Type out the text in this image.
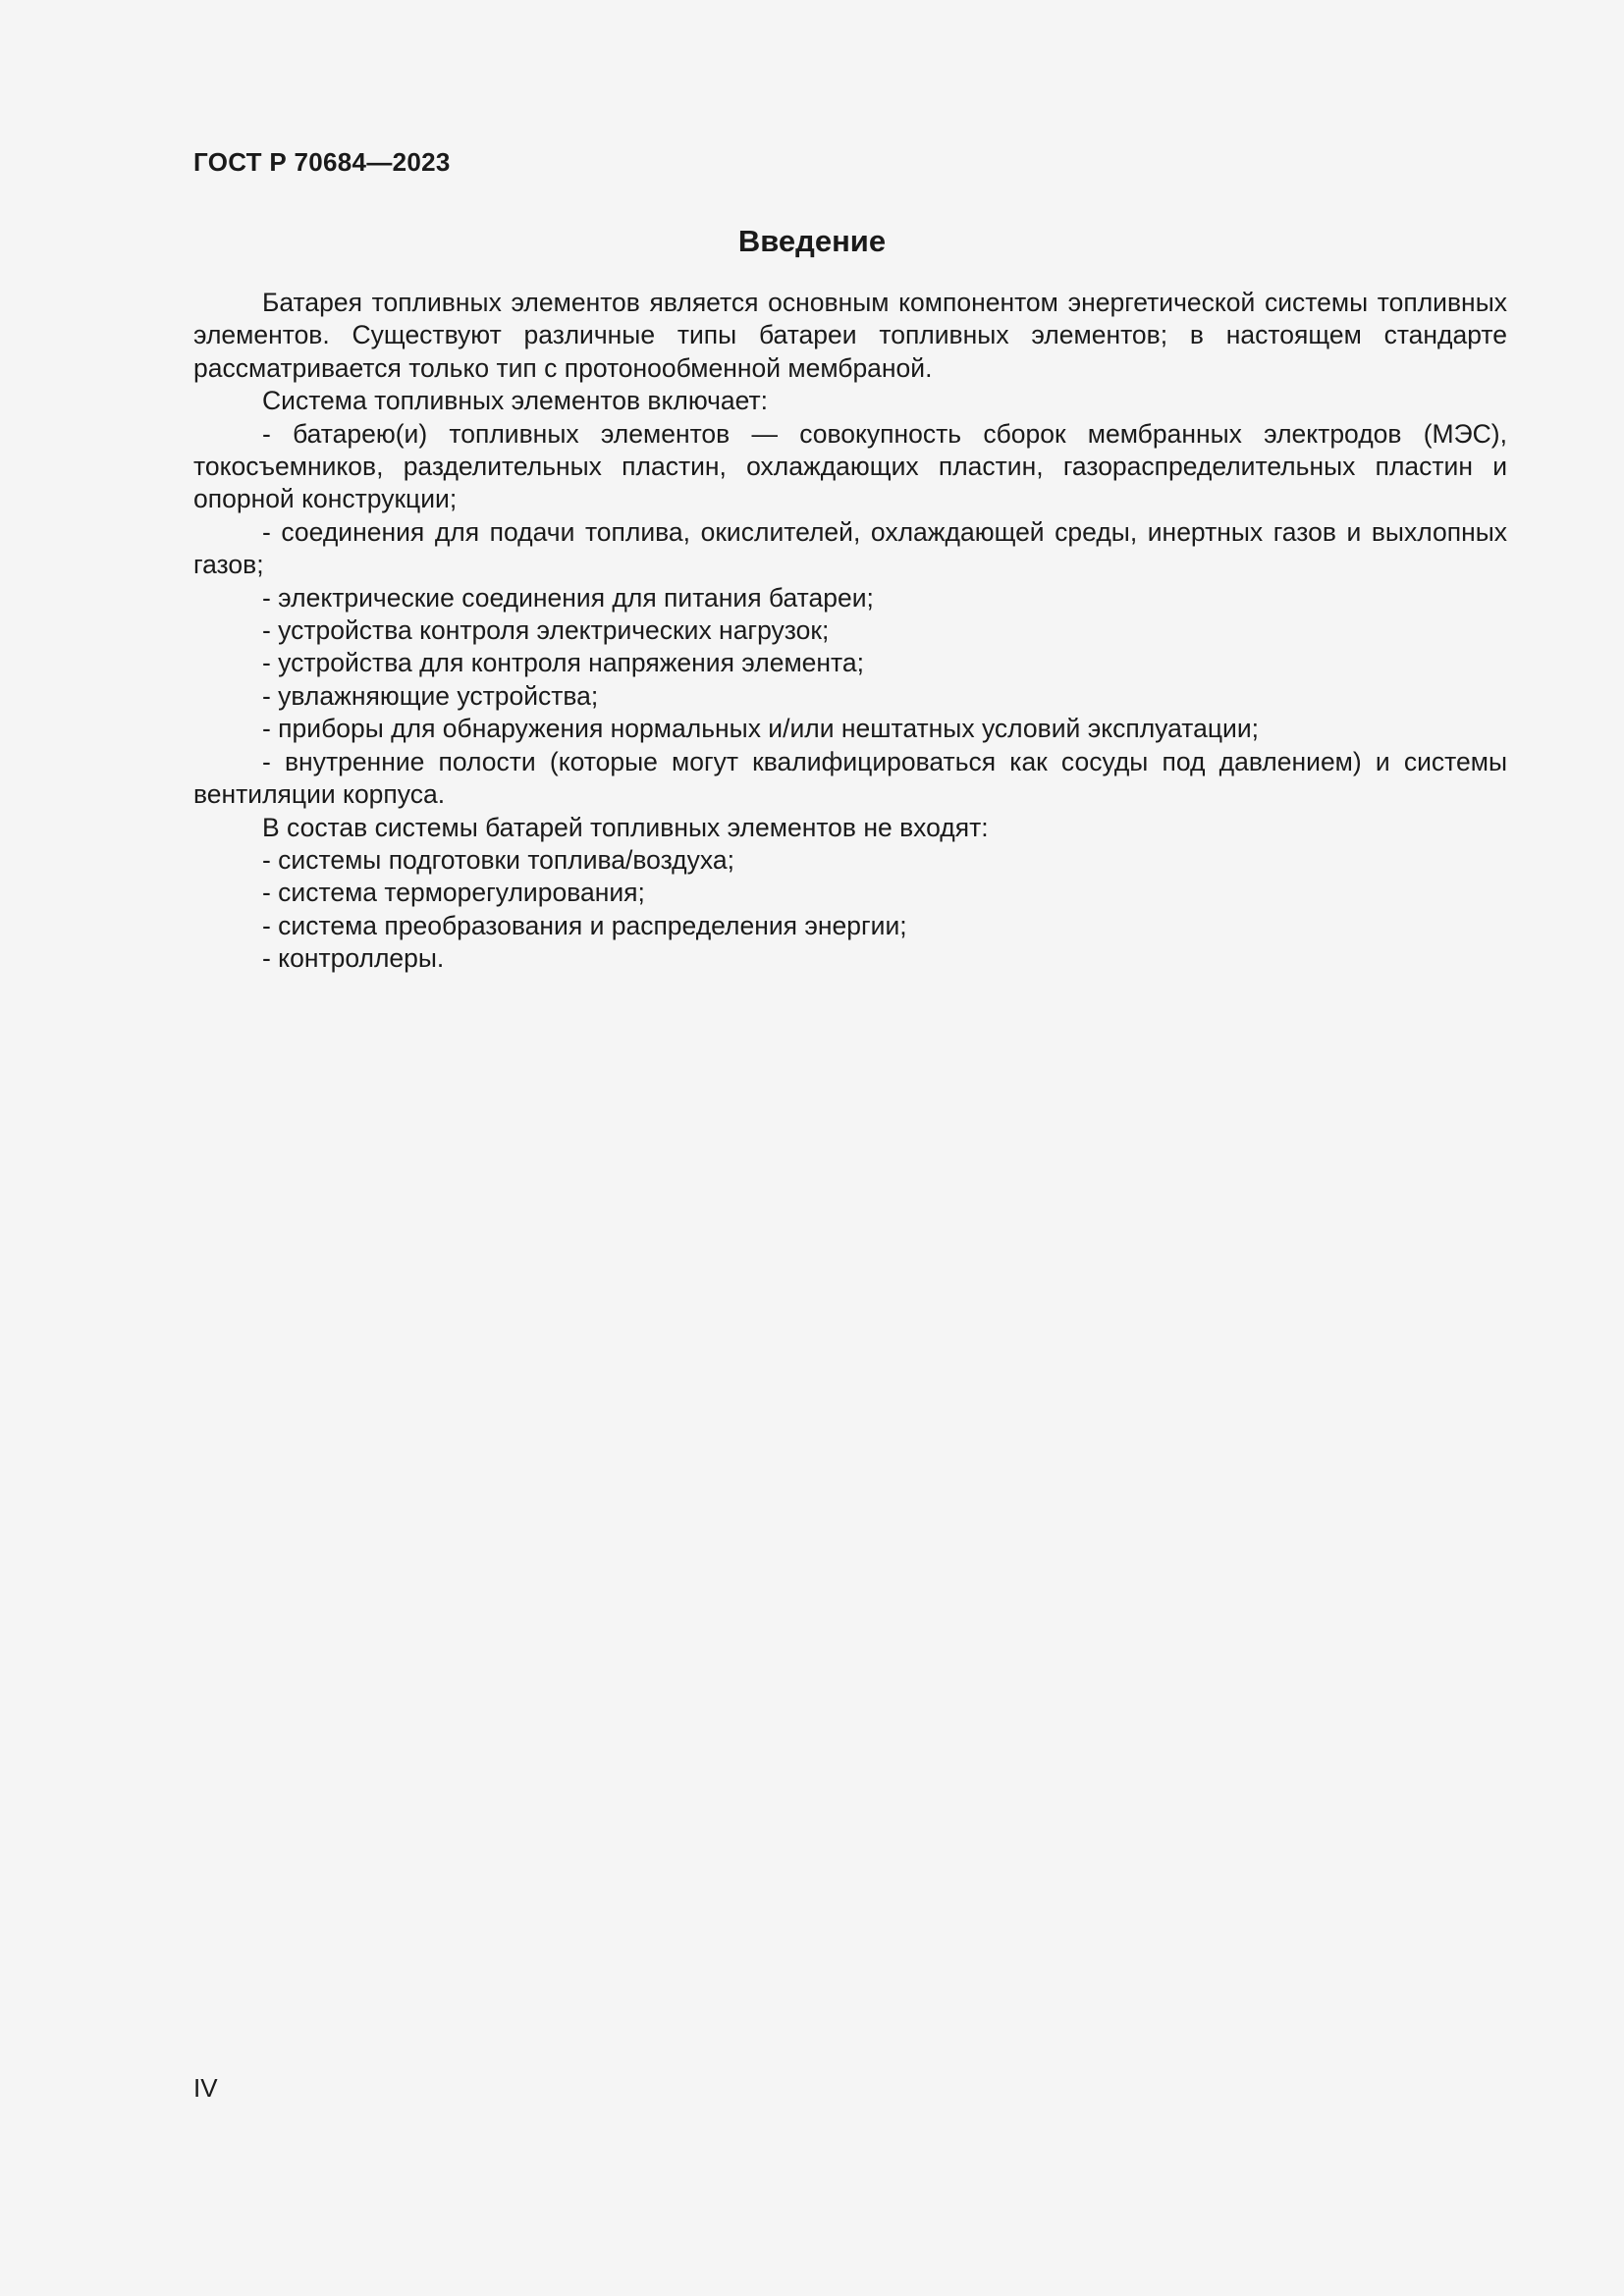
ГОСТ Р 70684—2023
Введение

Батарея топливных элементов является основным компонентом энергетической системы топливных элементов. Существуют различные типы батареи топливных элементов; в настоящем стандарте рассматривается только тип с протонообменной мембраной.

Система топливных элементов включает:

- батарею(и) топливных элементов — совокупность сборок мембранных электродов (МЭС), токосъемников, разделительных пластин, охлаждающих пластин, газораспределительных пластин и опорной конструкции;

- соединения для подачи топлива, окислителей, охлаждающей среды, инертных газов и выхлопных газов;

- электрические соединения для питания батареи;

- устройства контроля электрических нагрузок;

- устройства для контроля напряжения элемента;

- увлажняющие устройства;

- приборы для обнаружения нормальных и/или нештатных условий эксплуатации;

- внутренние полости (которые могут квалифицироваться как сосуды под давлением) и системы вентиляции корпуса.

В состав системы батарей топливных элементов не входят:

- системы подготовки топлива/воздуха;

- система терморегулирования;

- система преобразования и распределения энергии;

- контроллеры.

IV
